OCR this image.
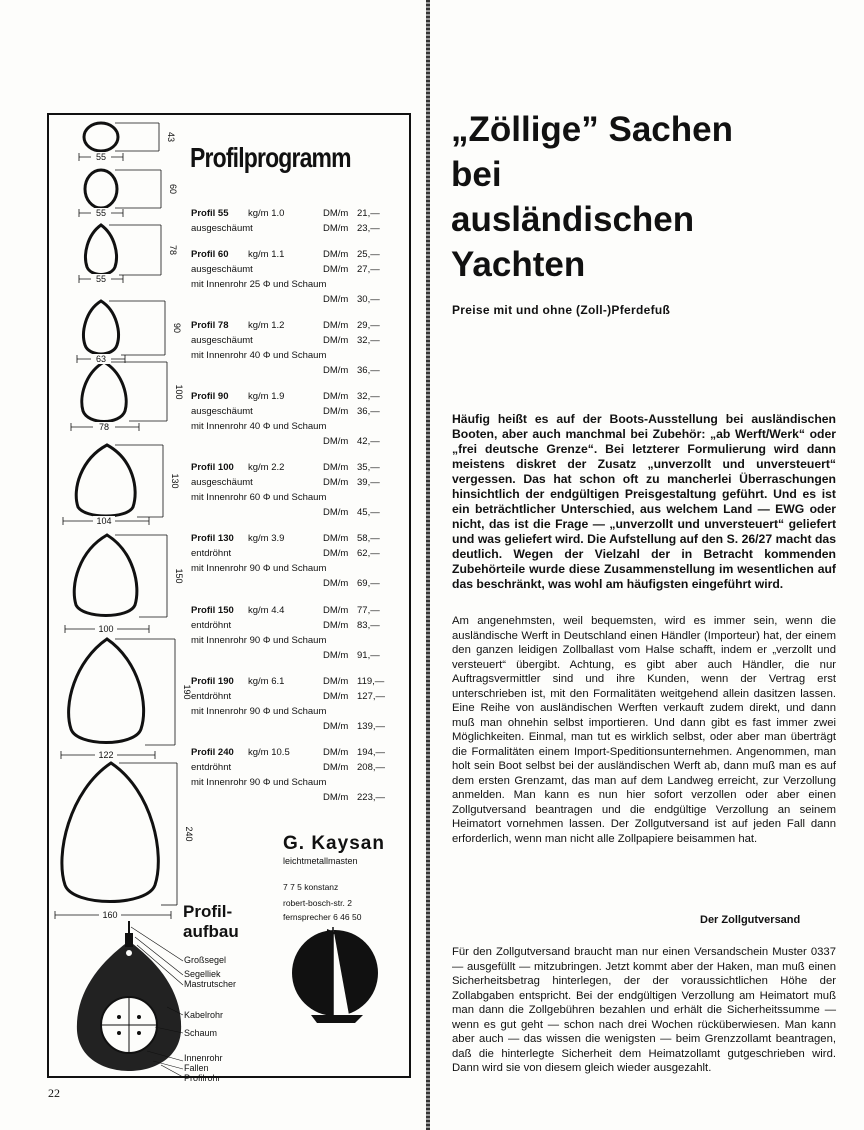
55
55
55
63
78
104
100
122
160
43
60
78
90
100
130
150
190
240
Profilprogramm
Profil 55	kg/m 1.0	DM/m 21,—
ausgeschäumt	DM/m 23,—
Profil 60	kg/m 1.1	DM/m 25,—
ausgeschäumt	DM/m 27,—
mit Innenrohr 25 Φ und Schaum
DM/m 30,—
Profil 78	kg/m 1.2	DM/m 29,—
ausgeschäumt	DM/m 32,—
mit Innenrohr 40 Φ und Schaum
DM/m 36,—
Profil 90	kg/m 1.9	DM/m 32,—
ausgeschäumt	DM/m 36,—
mit Innenrohr 40 Φ und Schaum
DM/m 42,—
Profil 100	kg/m 2.2	DM/m 35,—
ausgeschäumt	DM/m 39,—
mit Innenrohr 60 Φ und Schaum
DM/m 45,—
Profil 130	kg/m 3.9	DM/m 58,—
entdröhnt	DM/m 62,—
mit Innenrohr 90 Φ und Schaum
DM/m 69,—
Profil 150	kg/m 4.4	DM/m 77,—
entdröhnt	DM/m 83,—
mit Innenrohr 90 Φ und Schaum
DM/m 91,—
Profil 190	kg/m 6.1	DM/m 119,—
entdröhnt	DM/m 127,—
mit Innenrohr 90 Φ und Schaum
DM/m 139,—
Profil 240	kg/m 10.5	DM/m 194,—
entdröhnt	DM/m 208,—
mit Innenrohr 90 Φ und Schaum
DM/m 223,—
G. Kaysan
leichtmetallmasten
7 7 5 konstanz
robert-bosch-str. 2
fernsprecher 6 46 50
Profil-
aufbau
Großsegel
Segelliek
Mastrutscher
Kabelrohr
Schaum
Innenrohr
Fallen
Profilrohr
22
„Zöllige” Sachen
bei
ausländischen
Yachten
Preise mit und ohne (Zoll-)Pferdefuß
Häufig heißt es auf der Boots-Ausstellung bei ausländischen Booten, aber auch manchmal bei Zubehör: „ab Werft/Werk“ oder „frei deutsche Grenze“. Bei letzterer Formulierung wird dann meistens diskret der Zusatz „unverzollt und unversteuert“ vergessen. Das hat schon oft zu mancherlei Überraschungen hinsichtlich der endgültigen Preisgestaltung geführt. Und es ist ein beträchtlicher Unterschied, aus welchem Land — EWG oder nicht, das ist die Frage — „unverzollt und unversteuert“ geliefert und was geliefert wird. Die Aufstellung auf den S. 26/27 macht das deutlich. Wegen der Vielzahl der in Betracht kommenden Zubehörteile wurde diese Zusammenstellung im wesentlichen auf das beschränkt, was wohl am häufigsten eingeführt wird.
Am angenehmsten, weil bequemsten, wird es immer sein, wenn die ausländische Werft in Deutschland einen Händler (Importeur) hat, der einem den ganzen leidigen Zollballast vom Halse schafft, indem er „verzollt und versteuert“ übergibt. Achtung, es gibt aber auch Händler, die nur Auftragsvermittler sind und ihre Kunden, wenn der Vertrag erst unterschrieben ist, mit den Formalitäten weitgehend allein dasitzen lassen. Eine Reihe von ausländischen Werften verkauft zudem direkt, und dann muß man ohnehin selbst importieren. Und dann gibt es fast immer zwei Möglichkeiten. Einmal, man tut es wirklich selbst, oder aber man überträgt die Formalitäten einem Import-Speditionsunternehmen. Angenommen, man holt sein Boot selbst bei der ausländischen Werft ab, dann muß man es auf dem ersten Grenzamt, das man auf dem Landweg erreicht, zur Verzollung anmelden. Man kann es nun hier sofort verzollen oder aber einen Zollgutversand beantragen und die endgültige Verzollung an seinem Heimatort vornehmen lassen. Der Zollgutversand ist auf jeden Fall dann erforderlich, wenn man nicht alle Zollpapiere beisammen hat.
Der Zollgutversand
Für den Zollgutversand braucht man nur einen Versandschein Muster 0337 — ausgefüllt — mitzubringen. Jetzt kommt aber der Haken, man muß einen Sicherheitsbetrag hinterlegen, der der voraussichtlichen Höhe der Zollabgaben entspricht. Bei der endgültigen Verzollung am Heimatort muß man dann die Zollgebühren bezahlen und erhält die Sicherheitssumme — wenn es gut geht — schon nach drei Wochen rücküberwiesen. Man kann aber auch — das wissen die wenigsten — beim Grenzzollamt beantragen, daß die hinterlegte Sicherheit dem Heimatzollamt gutgeschrieben wird. Dann wird sie von diesem gleich wieder ausgezahlt.
